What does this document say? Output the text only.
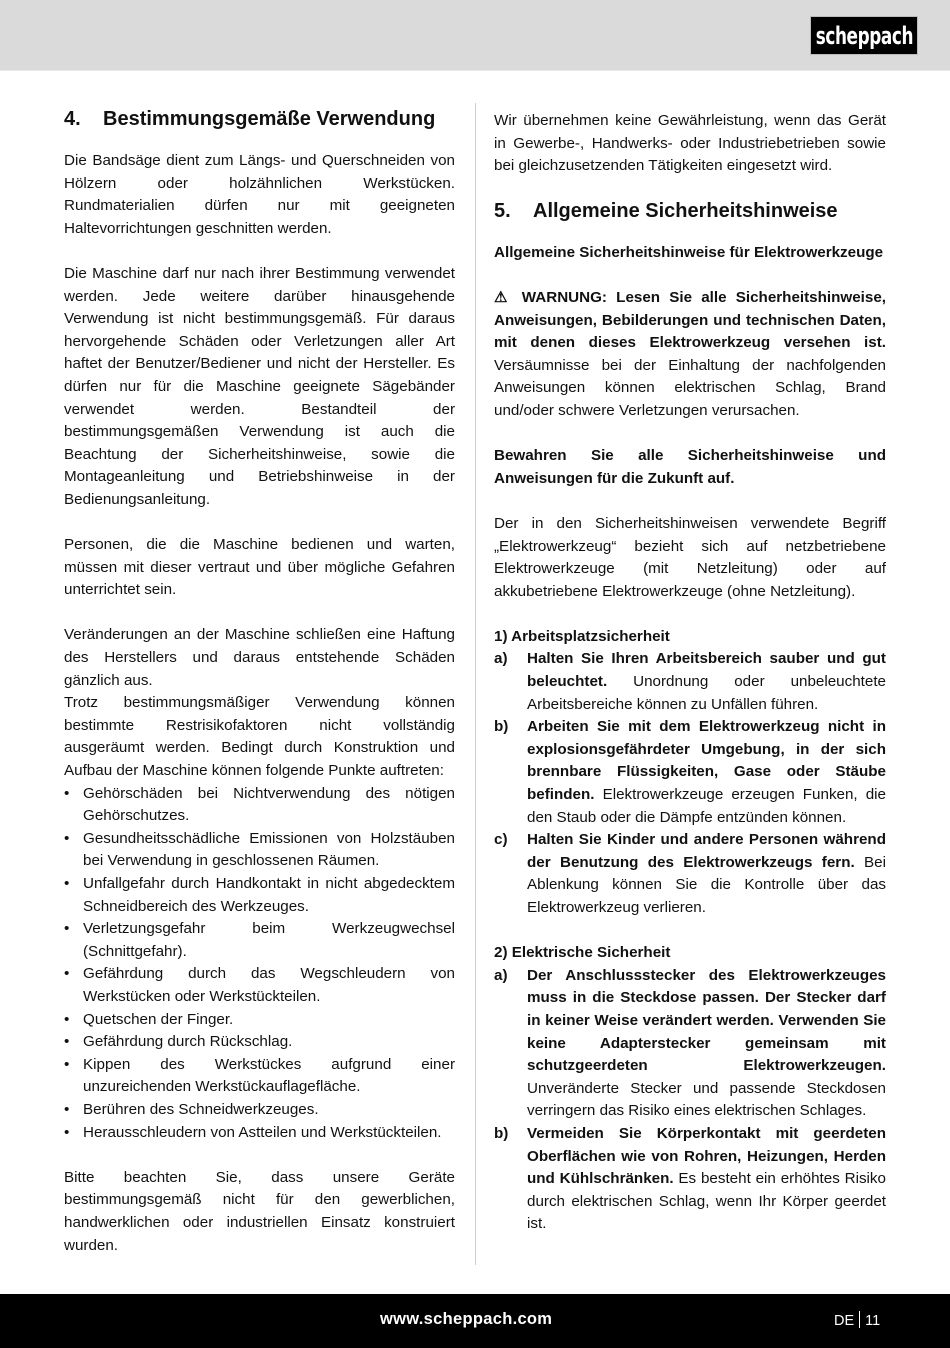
scheppach
4.	Bestimmungsgemäße Verwendung

Die Bandsäge dient zum Längs- und Querschneiden von Hölzern oder holzähnlichen Werkstücken. Rundmaterialien dürfen nur mit geeigneten Haltevorrichtungen geschnitten werden.

Die Maschine darf nur nach ihrer Bestimmung verwendet werden. Jede weitere darüber hinausgehende Verwendung ist nicht bestimmungsgemäß. Für daraus hervorgehende Schäden oder Verletzungen aller Art haftet der Benutzer/Bediener und nicht der Hersteller. Es dürfen nur für die Maschine geeignete Sägebänder verwendet werden. Bestandteil der bestimmungsgemäßen Verwendung ist auch die Beachtung der Sicherheitshinweise, sowie die Montageanleitung und Betriebshinweise in der Bedienungsanleitung.

Personen, die die Maschine bedienen und warten, müssen mit dieser vertraut und über mögliche Gefahren unterrichtet sein.

Veränderungen an der Maschine schließen eine Haftung des Herstellers und daraus entstehende Schäden gänzlich aus.

Trotz bestimmungsmäßiger Verwendung können bestimmte Restrisikofaktoren nicht vollständig ausgeräumt werden. Bedingt durch Konstruktion und Aufbau der Maschine können folgende Punkte auftreten:

• Gehörschäden bei Nichtverwendung des nötigen Gehörschutzes.
• Gesundheitsschädliche Emissionen von Holzstäuben bei Verwendung in geschlossenen Räumen.
• Unfallgefahr durch Handkontakt in nicht abgedecktem Schneidbereich des Werkzeuges.
• Verletzungsgefahr beim Werkzeugwechsel (Schnittgefahr).
• Gefährdung durch das Wegschleudern von Werkstücken oder Werkstückteilen.
• Quetschen der Finger.
• Gefährdung durch Rückschlag.
• Kippen des Werkstückes aufgrund einer unzureichenden Werkstückauflagefläche.
• Berühren des Schneidwerkzeuges.
• Herausschleudern von Astteilen und Werkstückteilen.

Bitte beachten Sie, dass unsere Geräte bestimmungsgemäß nicht für den gewerblichen, handwerklichen oder industriellen Einsatz konstruiert wurden.

Wir übernehmen keine Gewährleistung, wenn das Gerät in Gewerbe-, Handwerks- oder Industriebetrieben sowie bei gleichzusetzenden Tätigkeiten eingesetzt wird.

5.	Allgemeine Sicherheitshinweise

Allgemeine Sicherheitshinweise für Elektrowerkzeuge

⚠ WARNUNG: Lesen Sie alle Sicherheitshinweise, Anweisungen, Bebilderungen und technischen Daten, mit denen dieses Elektrowerkzeug versehen ist. Versäumnisse bei der Einhaltung der nachfolgenden Anweisungen können elektrischen Schlag, Brand und/oder schwere Verletzungen verursachen.

Bewahren Sie alle Sicherheitshinweise und Anweisungen für die Zukunft auf.

Der in den Sicherheitshinweisen verwendete Begriff „Elektrowerkzeug“ bezieht sich auf netzbetriebene Elektrowerkzeuge (mit Netzleitung) oder auf akkubetriebene Elektrowerkzeuge (ohne Netzleitung).

1) Arbeitsplatzsicherheit
a)	Halten Sie Ihren Arbeitsbereich sauber und gut beleuchtet. Unordnung oder unbeleuchtete Arbeitsbereiche können zu Unfällen führen.
b)	Arbeiten Sie mit dem Elektrowerkzeug nicht in explosionsgefährdeter Umgebung, in der sich brennbare Flüssigkeiten, Gase oder Stäube befinden. Elektrowerkzeuge erzeugen Funken, die den Staub oder die Dämpfe entzünden können.
c)	Halten Sie Kinder und andere Personen während der Benutzung des Elektrowerkzeugs fern. Bei Ablenkung können Sie die Kontrolle über das Elektrowerkzeug verlieren.
2) Elektrische Sicherheit
a)	Der Anschlussstecker des Elektrowerkzeuges muss in die Steckdose passen. Der Stecker darf in keiner Weise verändert werden. Verwenden Sie keine Adapterstecker gemeinsam mit schutzgeerdeten Elektrowerkzeugen. Unveränderte Stecker und passende Steckdosen verringern das Risiko eines elektrischen Schlages.
b)	Vermeiden Sie Körperkontakt mit geerdeten Oberflächen wie von Rohren, Heizungen, Herden und Kühlschränken. Es besteht ein erhöhtes Risiko durch elektrischen Schlag, wenn Ihr Körper geerdet ist.
www.scheppach.com	DE 11
